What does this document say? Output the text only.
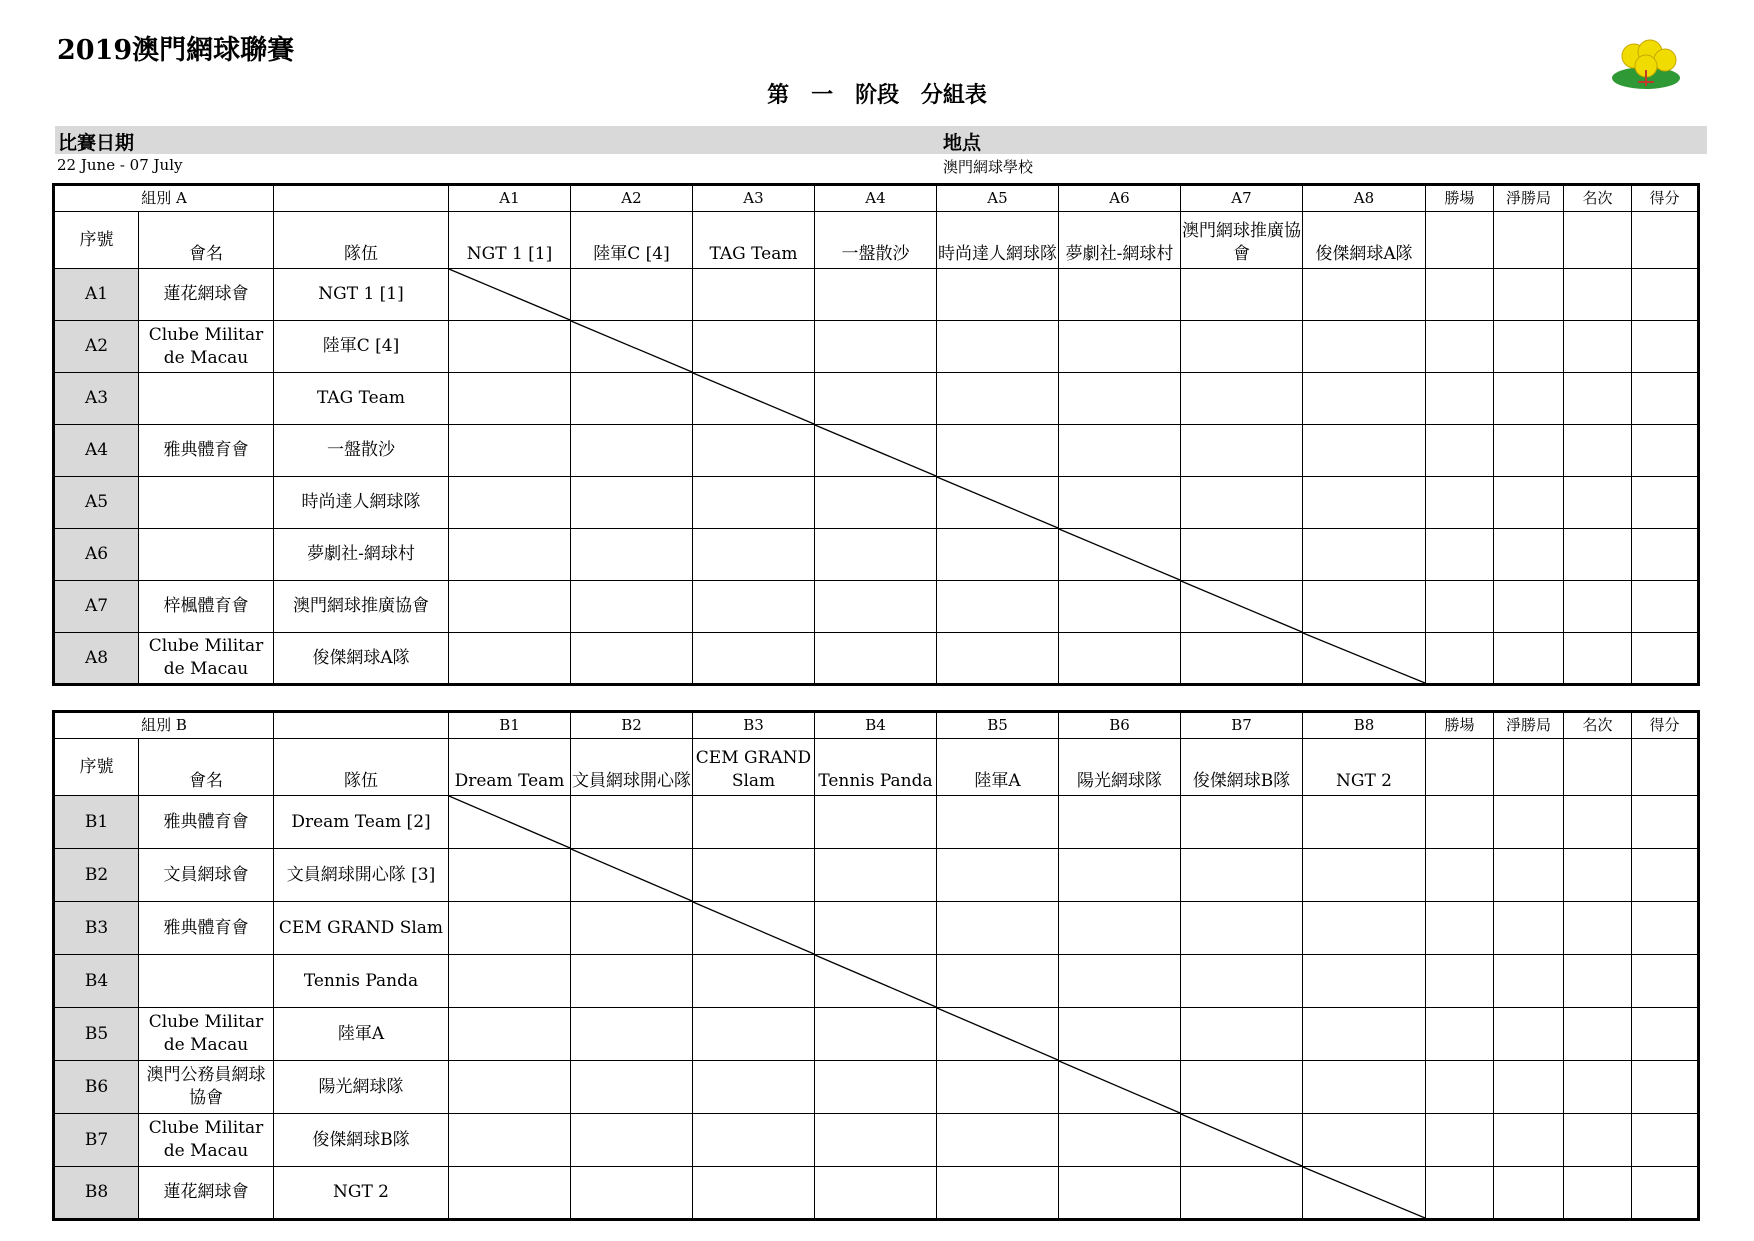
2019澳門網球聯賽
第　一　阶段 分組表
比賽日期	地点
22 June - 07 July	澳門網球學校
組別 A			A1	A2	A3	A4	A5	A6	A7	A8	勝場	淨勝局	名次	得分
序號	會名	隊伍	NGT 1 [1]	陸軍C [4]	TAG Team	一盤散沙	時尚達人網球隊	夢劇社-網球村	澳門網球推廣協會	俊傑網球A隊				
A1	蓮花網球會	NGT 1 [1]	

A2	Clube Militar de Macau	陸軍C [4]		

A3		TAG Team			

A4	雅典體育會	一盤散沙				

A5		時尚達人網球隊					

A6		夢劇社-網球村						

A7	梓楓體育會	澳門網球推廣協會							

A8	Clube Militar de Macau	俊傑網球A隊								

組別 B			B1	B2	B3	B4	B5	B6	B7	B8	勝場	淨勝局	名次	得分
序號	會名	隊伍	Dream Team	文員網球開心隊	CEM GRAND Slam	Tennis Panda	陸軍A	陽光網球隊	俊傑網球B隊	NGT 2				
B1	雅典體育會	Dream Team [2]	

B2	文員網球會	文員網球開心隊 [3]		

B3	雅典體育會	CEM GRAND Slam			

B4		Tennis Panda				

B5	Clube Militar de Macau	陸軍A					

B6	澳門公務員網球協會	陽光網球隊						

B7	Clube Militar de Macau	俊傑網球B隊							

B8	蓮花網球會	NGT 2								
